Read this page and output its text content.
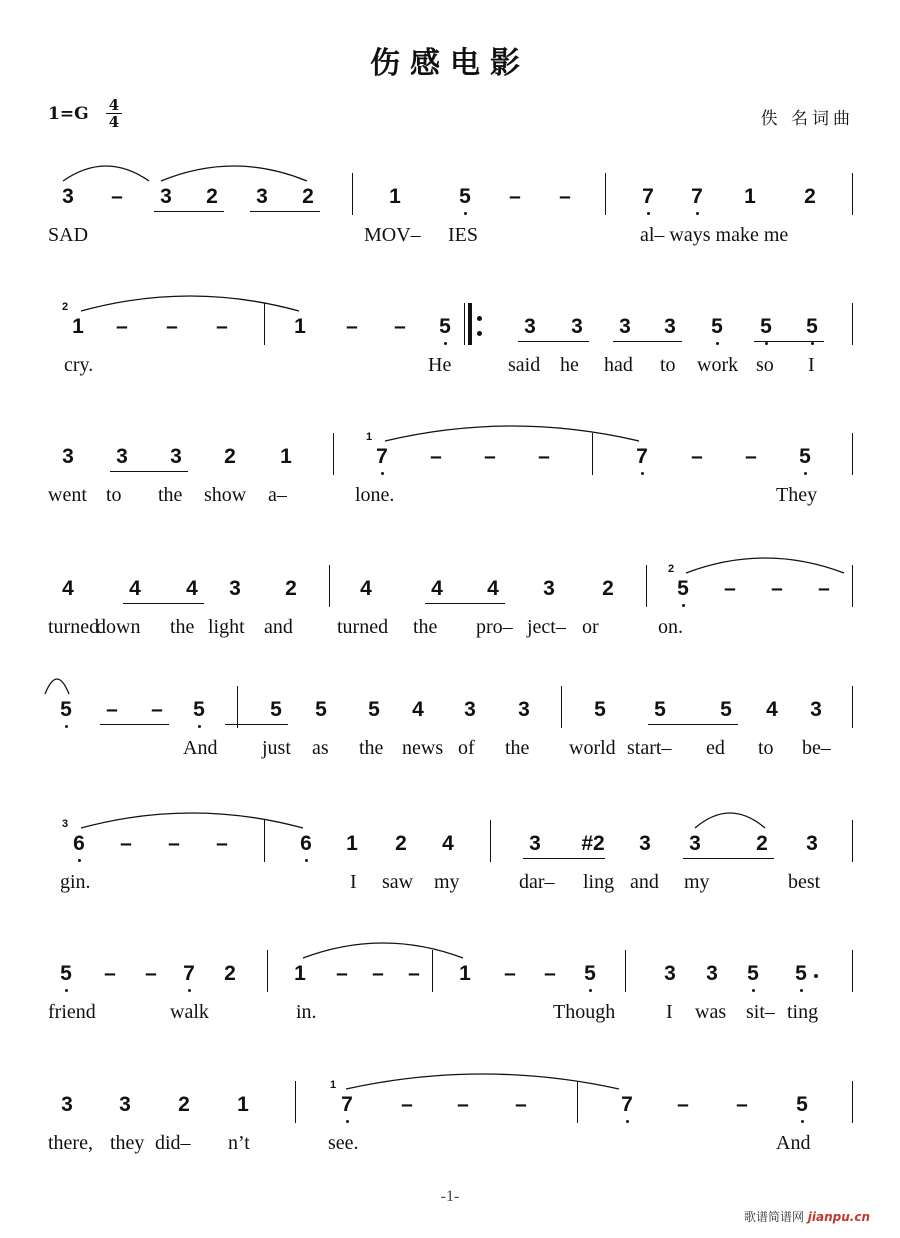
伤感电影
1=G 4
4	佚 名词曲
3 – 3 2 3 2	1	5 – –	7 7 1 2
SAD	MOV– IES	al– ways make me
1 – – –	1 – – 5	3 3 3 3 5 5 5
2
cry.	He	said he had to work so I
3 3 3 2 1	7 – – –	7 – – 5
1
went to the show a–	lone.	They
4	4 4 3 2	4	4 4 3 2	5 – – –
2
turned
down the light and turned the pro– ject– or	on.
5 – – 5	5 5 5 4 3 3	5 5	5 4 3
And just as the news of the world start– ed to be–
6 – – –	6 1 2 4	3 #2 3 3	2 3
3
gin.	I saw my	dar– ling and my	best
5 – – 7 2	1 – – – 1 – – 5	3 3 5 5
friend	walk	in.	Though	I was sit– ting
3 3 2 1	7 – – –	7 – – 5
1
there, they did– n’t	see.	And
-1-
歌谱简谱网 jianpu.cn
